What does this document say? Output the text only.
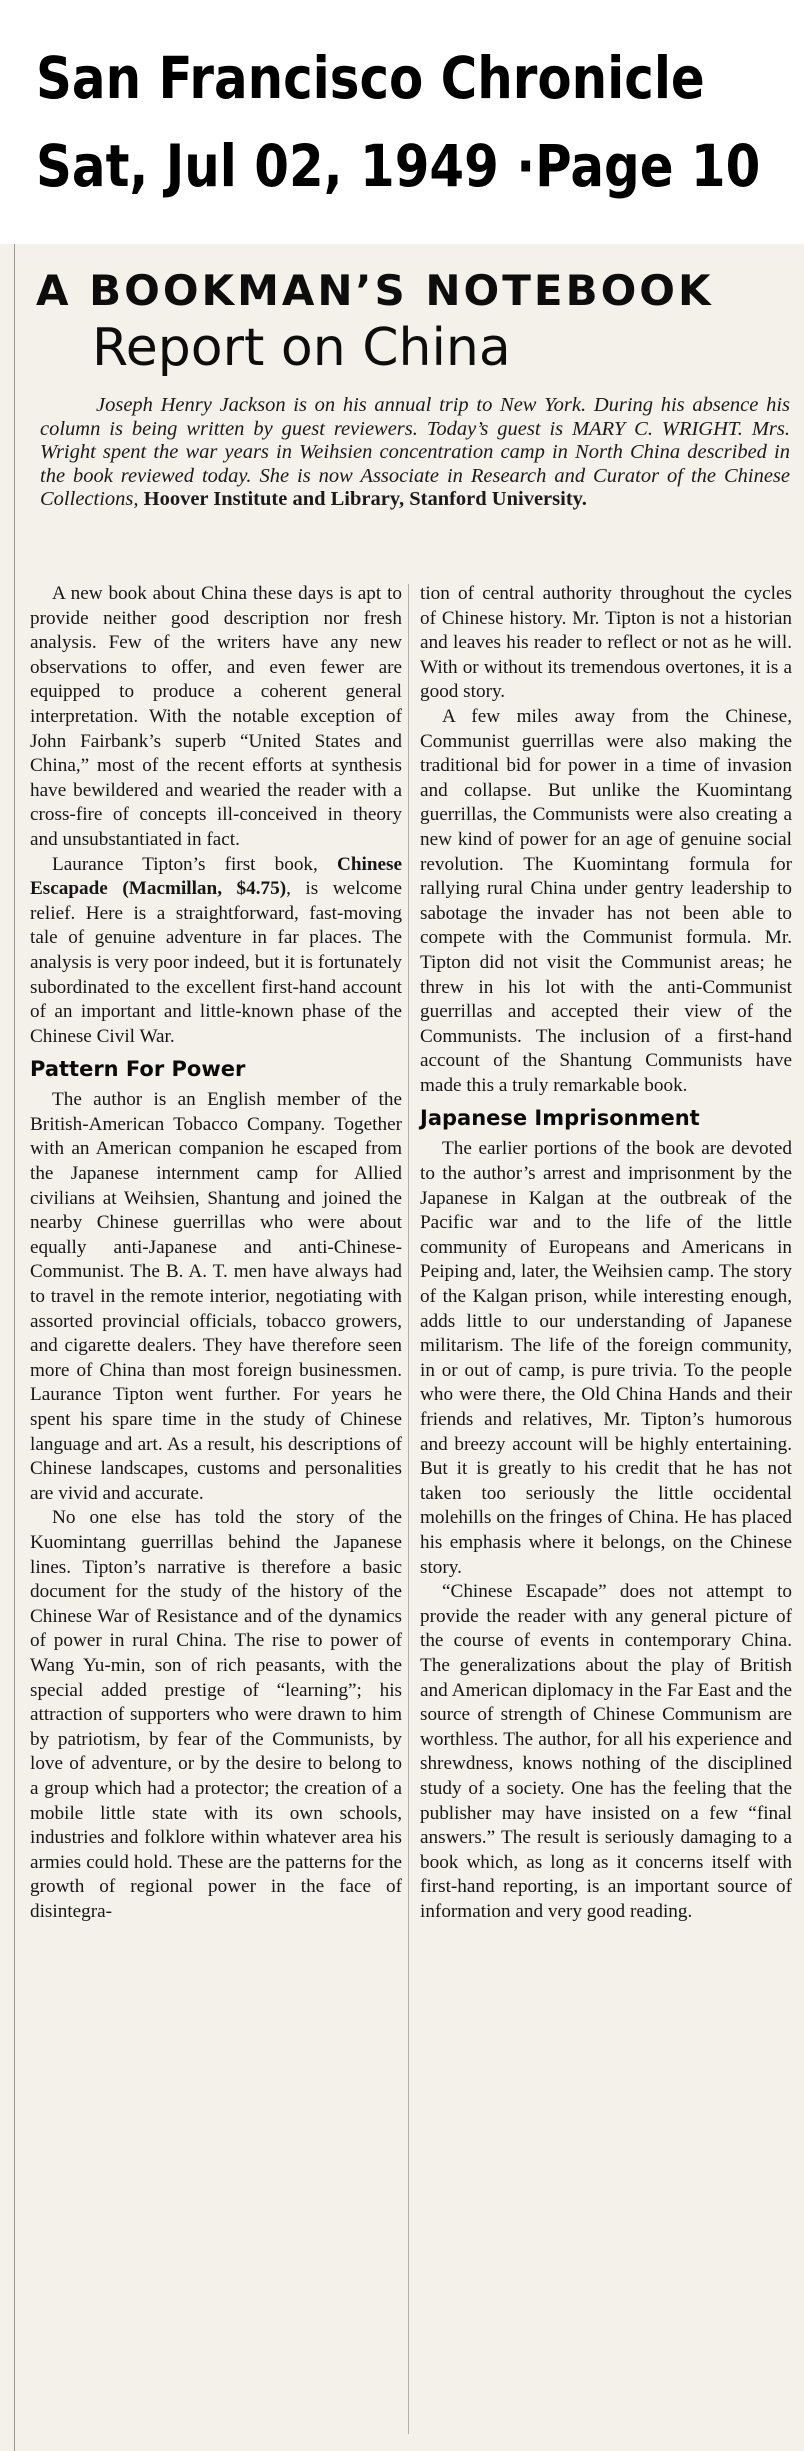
San Francisco Chronicle
Sat, Jul 02, 1949 ·Page 10
A BOOKMAN’S NOTEBOOK
Report on China

Joseph Henry Jackson is on his annual trip to New York. During his absence his column is being written by guest reviewers. Today’s guest is MARY C. WRIGHT. Mrs. Wright spent the war years in Weihsien concentration camp in North China described in the book reviewed today. She is now Associate in Research and Curator of the Chinese Collections, Hoover Institute and Library, Stanford University.

A new book about China these days is apt to provide neither good description nor fresh analysis. Few of the writers have any new observations to offer, and even fewer are equipped to produce a coherent general interpretation. With the notable exception of John Fairbank’s superb “United States and China,” most of the recent efforts at synthesis have bewildered and wearied the reader with a cross-fire of concepts ill-conceived in theory and unsubstantiated in fact.

Laurance Tipton’s first book, Chinese Escapade (Macmillan, $4.75), is welcome relief. Here is a straightforward, fast-moving tale of genuine adventure in far places. The analysis is very poor indeed, but it is fortunately subordinated to the excellent first-hand account of an important and little-known phase of the Chinese Civil War.

Pattern For Power

The author is an English member of the British-American Tobacco Company. Together with an American companion he escaped from the Japanese internment camp for Allied civilians at Weihsien, Shantung and joined the nearby Chinese guerrillas who were about equally anti-Japanese and anti-Chinese-Communist. The B. A. T. men have always had to travel in the remote interior, negotiating with assorted provincial officials, tobacco growers, and cigarette dealers. They have therefore seen more of China than most foreign businessmen. Laurance Tipton went further. For years he spent his spare time in the study of Chinese language and art. As a result, his descriptions of Chinese landscapes, customs and personalities are vivid and accurate.

No one else has told the story of the Kuomintang guerrillas behind the Japanese lines. Tipton’s narrative is therefore a basic document for the study of the history of the Chinese War of Resistance and of the dynamics of power in rural China. The rise to power of Wang Yu-min, son of rich peasants, with the special added prestige of “learning”; his attraction of supporters who were drawn to him by patriotism, by fear of the Communists, by love of adventure, or by the desire to belong to a group which had a protector; the creation of a mobile little state with its own schools, industries and folklore within whatever area his armies could hold. These are the patterns for the growth of regional power in the face of disintegra-

tion of central authority throughout the cycles of Chinese history. Mr. Tipton is not a historian and leaves his reader to reflect or not as he will. With or without its tremendous overtones, it is a good story.

A few miles away from the Chinese, Communist guerrillas were also making the traditional bid for power in a time of invasion and collapse. But unlike the Kuomintang guerrillas, the Communists were also creating a new kind of power for an age of genuine social revolution. The Kuomintang formula for rallying rural China under gentry leadership to sabotage the invader has not been able to compete with the Communist formula. Mr. Tipton did not visit the Communist areas; he threw in his lot with the anti-Communist guerrillas and accepted their view of the Communists. The inclusion of a first-hand account of the Shantung Communists have made this a truly remarkable book.

Japanese Imprisonment

The earlier portions of the book are devoted to the author’s arrest and imprisonment by the Japanese in Kalgan at the outbreak of the Pacific war and to the life of the little community of Europeans and Americans in Peiping and, later, the Weihsien camp. The story of the Kalgan prison, while interesting enough, adds little to our understanding of Japanese militarism. The life of the foreign community, in or out of camp, is pure trivia. To the people who were there, the Old China Hands and their friends and relatives, Mr. Tipton’s humorous and breezy account will be highly entertaining. But it is greatly to his credit that he has not taken too seriously the little occidental molehills on the fringes of China. He has placed his emphasis where it belongs, on the Chinese story.

“Chinese Escapade” does not attempt to provide the reader with any general picture of the course of events in contemporary China. The generalizations about the play of British and American diplomacy in the Far East and the source of strength of Chinese Communism are worthless. The author, for all his experience and shrewdness, knows nothing of the disciplined study of a society. One has the feeling that the publisher may have insisted on a few “final answers.” The result is seriously damaging to a book which, as long as it concerns itself with first-hand reporting, is an important source of information and very good reading.
